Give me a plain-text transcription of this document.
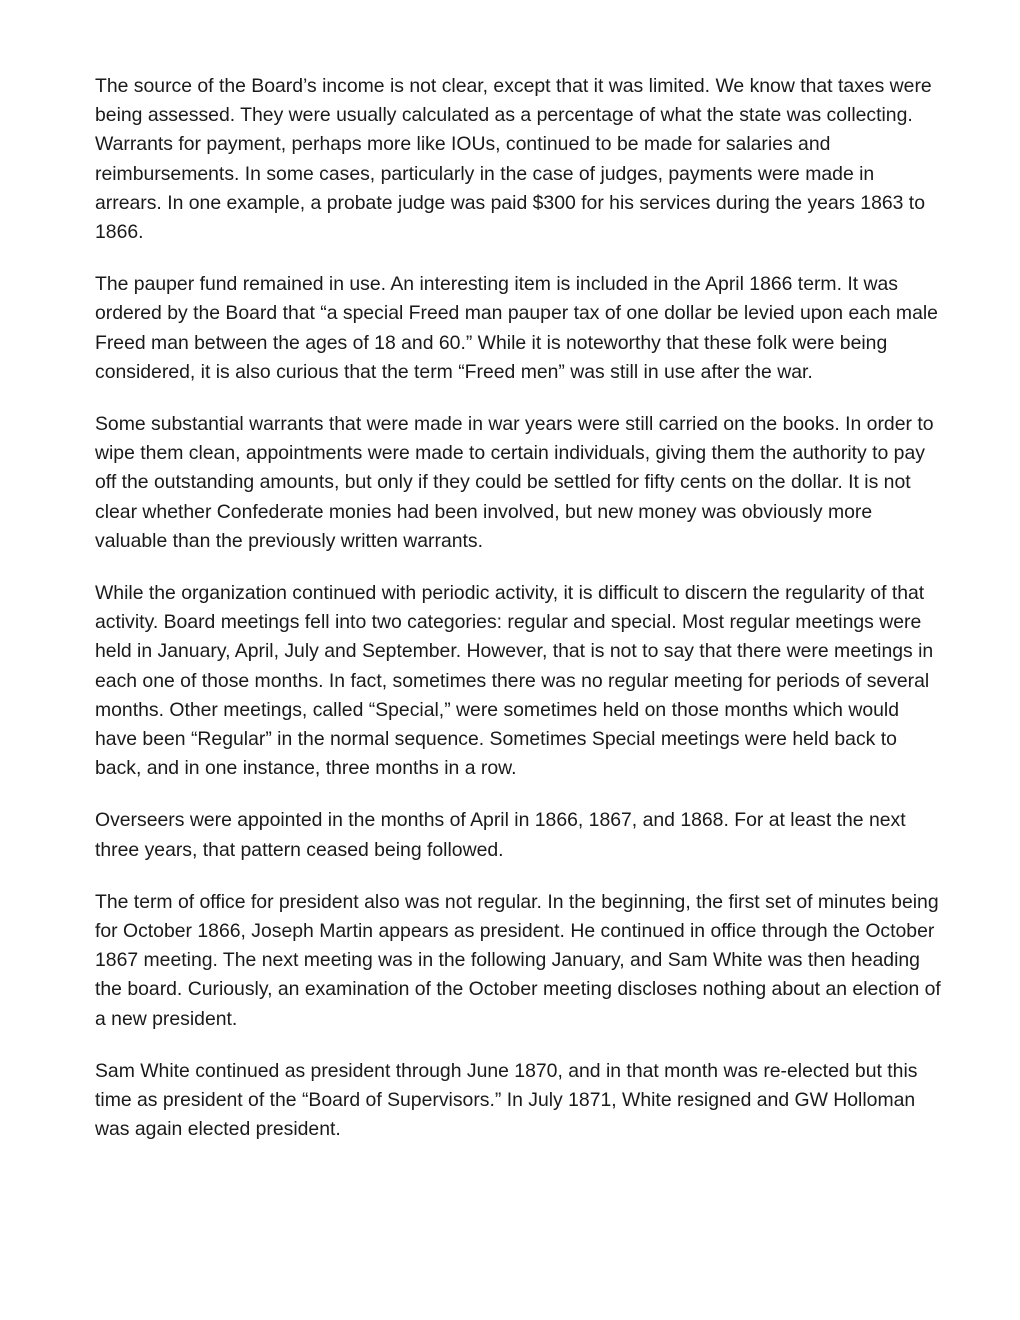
The source of the Board’s income is not clear, except that it was limited. We know that taxes were being assessed. They were usually calculated as a percentage of what the state was collecting. Warrants for payment, perhaps more like IOUs, continued to be made for salaries and reimbursements. In some cases, particularly in the case of judges, payments were made in arrears. In one example, a probate judge was paid $300 for his services during the years 1863 to 1866.

The pauper fund remained in use. An interesting item is included in the April 1866 term. It was ordered by the Board that “a special Freed man pauper tax of one dollar be levied upon each male Freed man between the ages of 18 and 60.” While it is noteworthy that these folk were being considered, it is also curious that the term “Freed men” was still in use after the war.

Some substantial warrants that were made in war years were still carried on the books. In order to wipe them clean, appointments were made to certain individuals, giving them the authority to pay off the outstanding amounts, but only if they could be settled for fifty cents on the dollar. It is not clear whether Confederate monies had been involved, but new money was obviously more valuable than the previously written warrants.

While the organization continued with periodic activity, it is difficult to discern the regularity of that activity. Board meetings fell into two categories: regular and special. Most regular meetings were held in January, April, July and September. However, that is not to say that there were meetings in each one of those months. In fact, sometimes there was no regular meeting for periods of several months. Other meetings, called “Special,” were sometimes held on those months which would have been “Regular” in the normal sequence. Sometimes Special meetings were held back to back, and in one instance, three months in a row.

Overseers were appointed in the months of April in 1866, 1867, and 1868. For at least the next three years, that pattern ceased being followed.

The term of office for president also was not regular. In the beginning, the first set of minutes being for October 1866, Joseph Martin appears as president. He continued in office through the October 1867 meeting. The next meeting was in the following January, and Sam White was then heading the board. Curiously, an examination of the October meeting discloses nothing about an election of a new president.

Sam White continued as president through June 1870, and in that month was re-elected but this time as president of the “Board of Supervisors.” In July 1871, White resigned and GW Holloman was again elected president.
